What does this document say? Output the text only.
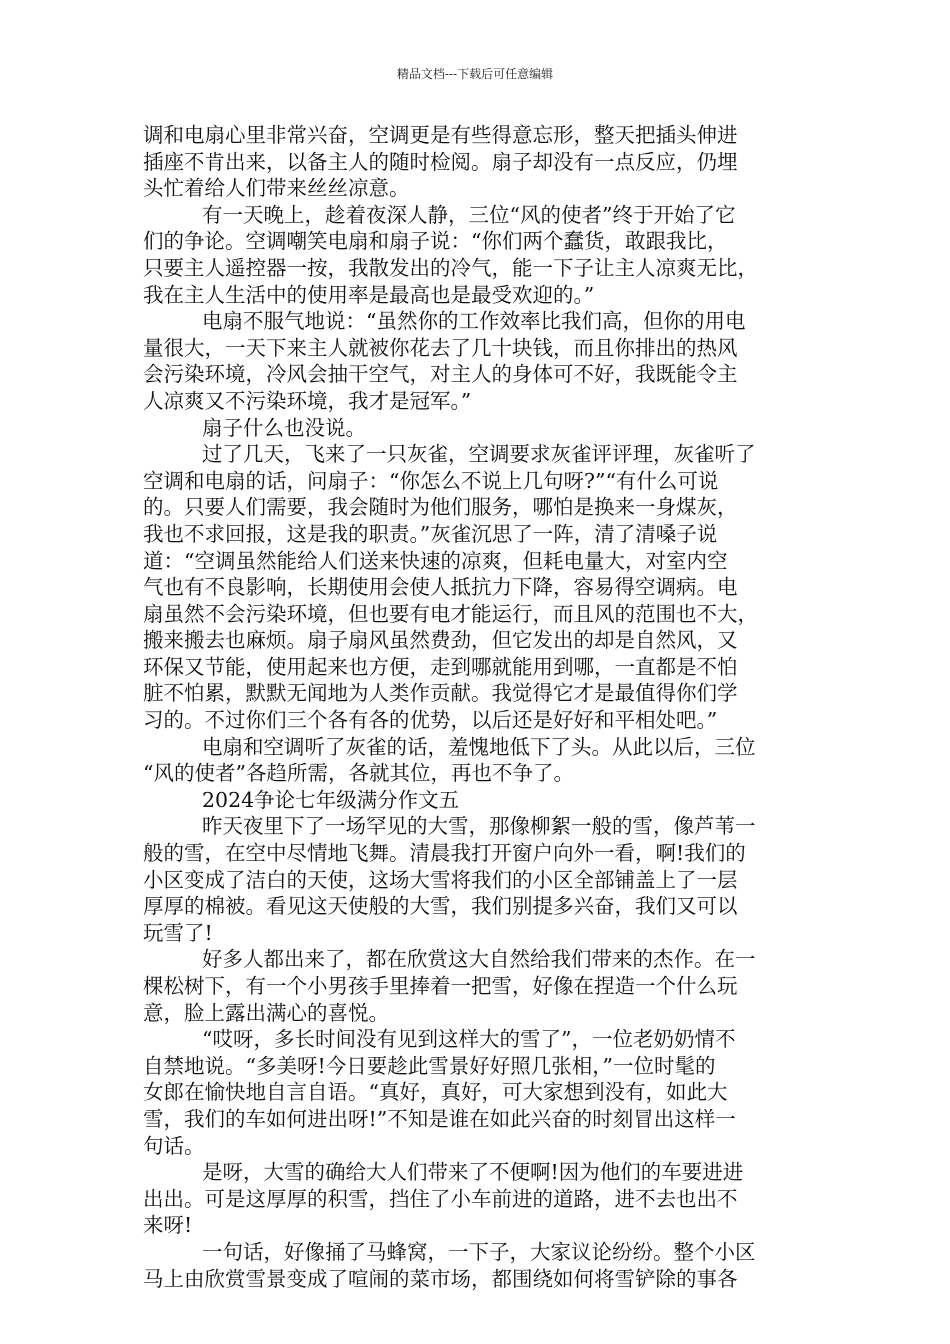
精品文档---下载后可任意编辑
调和电扇心里非常兴奋，空调更是有些得意忘形，整天把插头伸进
插座不肯出来，以备主人的随时检阅。扇子却没有一点反应，仍埋
头忙着给人们带来丝丝凉意。
有一天晚上，趁着夜深人静，三位“风的使者”终于开始了它
们的争论。空调嘲笑电扇和扇子说：“你们两个蠢货，敢跟我比，
只要主人遥控器一按，我散发出的冷气，能一下子让主人凉爽无比，
我在主人生活中的使用率是最高也是最受欢迎的。”
电扇不服气地说：“虽然你的工作效率比我们高，但你的用电
量很大，一天下来主人就被你花去了几十块钱，而且你排出的热风
会污染环境，冷风会抽干空气，对主人的身体可不好，我既能令主
人凉爽又不污染环境，我才是冠军。”
扇子什么也没说。
过了几天，飞来了一只灰雀，空调要求灰雀评评理，灰雀听了
空调和电扇的话，问扇子：“你怎么不说上几句呀?”“有什么可说
的。只要人们需要，我会随时为他们服务，哪怕是换来一身煤灰，
我也不求回报，这是我的职责。”灰雀沉思了一阵，清了清嗓子说
道：“空调虽然能给人们送来快速的凉爽，但耗电量大，对室内空
气也有不良影响，长期使用会使人抵抗力下降，容易得空调病。电
扇虽然不会污染环境，但也要有电才能运行，而且风的范围也不大，
搬来搬去也麻烦。扇子扇风虽然费劲，但它发出的却是自然风，又
环保又节能，使用起来也方便，走到哪就能用到哪，一直都是不怕
脏不怕累，默默无闻地为人类作贡献。我觉得它才是最值得你们学
习的。不过你们三个各有各的优势，以后还是好好和平相处吧。”
电扇和空调听了灰雀的话，羞愧地低下了头。从此以后，三位
“风的使者”各趋所需，各就其位，再也不争了。
2024争论七年级满分作文五
昨天夜里下了一场罕见的大雪，那像柳絮一般的雪，像芦苇一
般的雪，在空中尽情地飞舞。清晨我打开窗户向外一看，啊!我们的
小区变成了洁白的天使，这场大雪将我们的小区全部铺盖上了一层
厚厚的棉被。看见这天使般的大雪，我们别提多兴奋，我们又可以
玩雪了!
好多人都出来了，都在欣赏这大自然给我们带来的杰作。在一
棵松树下，有一个小男孩手里捧着一把雪，好像在捏造一个什么玩
意，脸上露出满心的喜悦。
“哎呀，多长时间没有见到这样大的雪了”，一位老奶奶情不
自禁地说。“多美呀!今日要趁此雪景好好照几张相，”一位时髦的
女郎在愉快地自言自语。“真好，真好，可大家想到没有，如此大
雪，我们的车如何进出呀!”不知是谁在如此兴奋的时刻冒出这样一
句话。
是呀，大雪的确给大人们带来了不便啊!因为他们的车要进进
出出。可是这厚厚的积雪，挡住了小车前进的道路，进不去也出不
来呀!
一句话，好像捅了马蜂窝，一下子，大家议论纷纷。整个小区
马上由欣赏雪景变成了喧闹的菜市场，都围绕如何将雪铲除的事各
